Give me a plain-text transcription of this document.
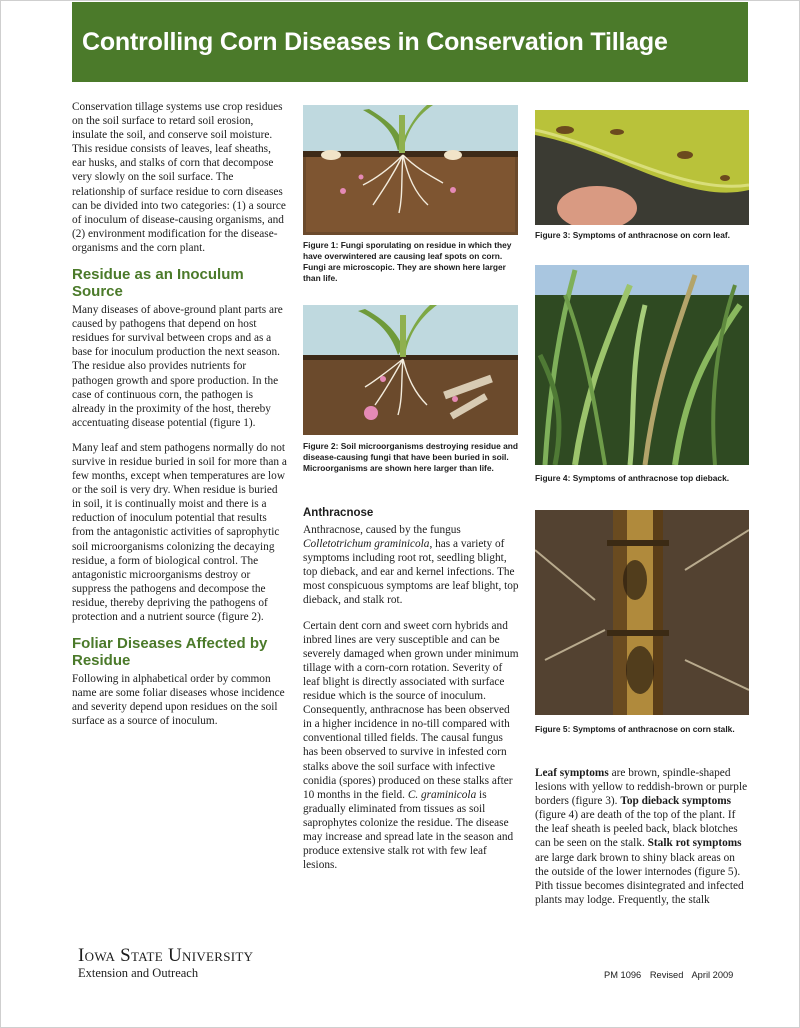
Controlling Corn Diseases in Conservation Tillage

Conservation tillage systems use crop residues on the soil surface to retard soil erosion, insulate the soil, and conserve soil moisture. This residue consists of leaves, leaf sheaths, ear husks, and stalks of corn that decompose very slowly on the soil surface. The relationship of surface residue to corn diseases can be divided into two categories: (1) a source of inoculum of disease-causing organisms, and (2) environment modification for the disease-organisms and the corn plant.

Residue as an Inoculum Source

Many diseases of above-ground plant parts are caused by pathogens that depend on host residues for survival between crops and as a base for inoculum production the next season. The residue also provides nutrients for pathogen growth and spore production. In the case of continuous corn, the pathogen is already in the proximity of the host, thereby accentuating disease potential (figure 1).

Many leaf and stem pathogens normally do not survive in residue buried in soil for more than a few months, except when temperatures are low or the soil is very dry. When residue is buried in soil, it is continually moist and there is a reduction of inoculum potential that results from the antagonistic activities of saprophytic soil microorganisms colonizing the decaying residue, a form of biological control. The antagonistic microorganisms destroy or suppress the pathogens and decompose the residue, thereby depriving the pathogens of protection and a nutrient source (figure 2).

Foliar Diseases Affected by Residue

Following in alphabetical order by common name are some foliar diseases whose incidence and severity depend upon residues on the soil surface as a source of inoculum.

Figure 1: Fungi sporulating on residue in which they have overwintered are causing leaf spots on corn. Fungi are microscopic. They are shown here larger than life.

Figure 2: Soil microorganisms destroying residue and disease-causing fungi that have been buried in soil. Microorganisms are shown here larger than life.

Anthracnose

Anthracnose, caused by the fungus Colletotrichum graminicola, has a variety of symptoms including root rot, seedling blight, top dieback, and ear and kernel infections. The most conspicuous symptoms are leaf blight, top dieback, and stalk rot.

Certain dent corn and sweet corn hybrids and inbred lines are very susceptible and can be severely damaged when grown under minimum tillage with a corn-corn rotation. Severity of leaf blight is directly associated with surface residue which is the source of inoculum. Consequently, anthracnose has been observed in a higher incidence in no-till compared with conventional tilled fields. The causal fungus has been observed to survive in infested corn stalks above the soil surface with infective conidia (spores) produced on these stalks after 10 months in the field. C. graminicola is gradually eliminated from tissues as soil saprophytes colonize the residue. The disease may increase and spread late in the season and produce extensive stalk rot with few leaf lesions.

Figure 3: Symptoms of anthracnose on corn leaf.

Figure 4: Symptoms of anthracnose top dieback.

Figure 5: Symptoms of anthracnose on corn stalk.

Leaf symptoms are brown, spindle-shaped lesions with yellow to reddish-brown or purple borders (figure 3). Top dieback symptoms (figure 4) are death of the top of the plant. If the leaf sheath is peeled back, black blotches can be seen on the stalk. Stalk rot symptoms are large dark brown to shiny black areas on the outside of the lower internodes (figure 5). Pith tissue becomes disintegrated and infected plants may lodge. Frequently, the stalk

Iowa State University
Extension and Outreach	PM 1096 Revised April 2009
